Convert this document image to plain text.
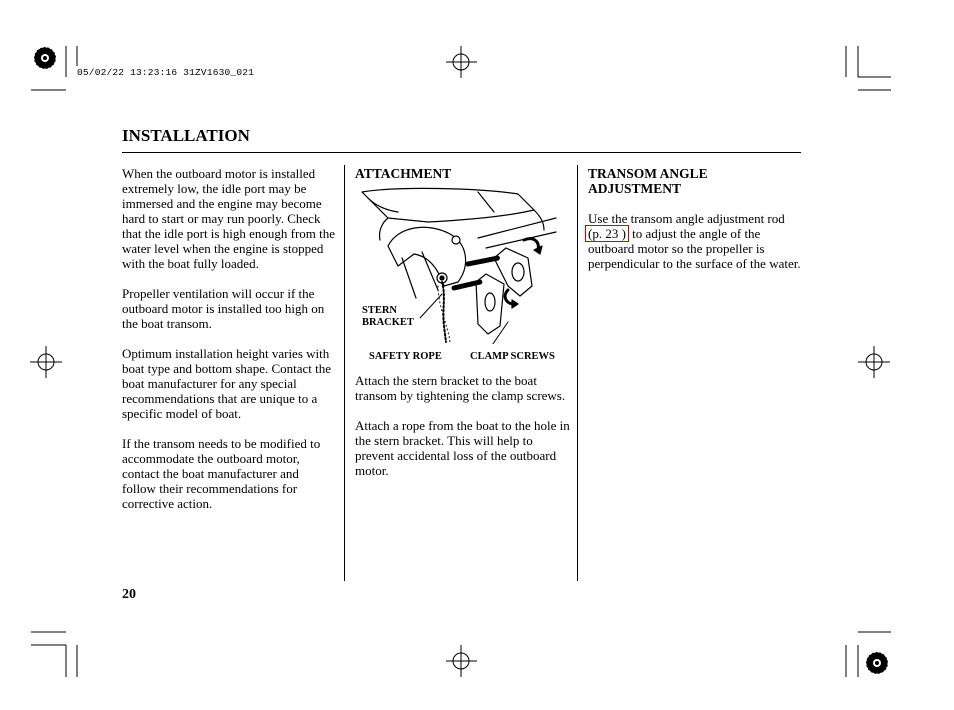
05/02/22 13:23:16 31ZV1630_021
INSTALLATION

When the outboard motor is installed extremely low, the idle port may be immersed and the engine may become hard to start or may run poorly. Check that the idle port is high enough from the water level when the engine is stopped with the boat fully loaded.

Propeller ventilation will occur if the outboard motor is installed too high on the boat transom.

Optimum installation height varies with boat type and bottom shape. Contact the boat manufacturer for any special recommendations that are unique to a specific model of boat.

If the transom needs to be modified to accommodate the outboard motor, contact the boat manufacturer and follow their recommendations for corrective action.

ATTACHMENT
STERN
BRACKET
SAFETY ROPE	CLAMP SCREWS

Attach the stern bracket to the boat transom by tightening the clamp screws.

Attach a rope from the boat to the hole in the stern bracket. This will help to prevent accidental loss of the outboard motor.

TRANSOM ANGLE
ADJUSTMENT
Use the transom angle adjustment rod
(p. 23 ) to adjust the angle of the outboard motor so the propeller is perpendicular to the surface of the water.
20
